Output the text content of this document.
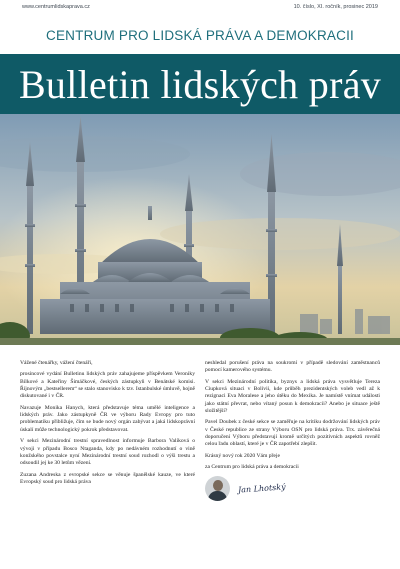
www.centrumlidskaprava.cz	10. číslo, XI. ročník, prosinec 2019
CENTRUM PRO LIDSKÁ PRÁVA A DEMOKRACII
Bulletin lidských práv

Vážené čtenářky, vážení čtenáři,

prosincové vydání Bulletinu lidských práv zahajujeme příspěvkem Veroniky Bílkové a Kateřiny Šimáčkové, českých zástupkyň v Benátské komisi. Říjnovým „bestsellerem“ se stalo stanovisko k tzv. Istanbulské úmluvě, hojně diskutované i v ČR.

Navazuje Monika Hanych, která představuje téma umělé inteligence a lidských práv. Jako zástupkyně ČR ve výboru Rady Evropy pro tuto problematiku přibližuje, čím se bude nový orgán zabývat a jaká lidskoprávní úskalí může technologický pokrok představovat.

V sekci Mezinárodní trestní spravedlnost informuje Barbora Valíková o vývoji v případu Bosco Ntaganda, kdy po nedávném rozhodnutí o vině konžského povstalce nyní Mezinárodní trestní soud rozhodl o výši trestu a odsoudil jej ke 30 letům vězení.

Zuzana Andreska z evropské sekce se věnuje španělské kauze, ve které Evropský soud pro lidská práva

neshledal porušení práva na soukromí v případě sledování zaměstnanců pomocí kamerového systému.

V sekci Mezinárodní politika, byznys a lidská práva vysvětluje Tereza Ciupková situaci v Bolívii, kde průběh prezidentských voleb vedl až k rezignaci Eva Moralese a jeho útěku do Mexika. Je namístě vnímat události jako státní převrat, nebo vítaný posun k demokracii? Anebo je situace ještě složitější?

Pavel Doubek z české sekce se zaměřuje na kritiku dodržování lidských práv v České republice ze strany Výboru OSN pro lidská práva. Trx. závěrečná doporučení Výboru představují kromě určitých pozitivních aspektů rovněž celou řadu oblastí, které je v ČR zapotřebí zlepšit.

Krásný nový rok 2020 Vám přeje

za Centrum pro lidská práva a demokracii

Jan Lhotský
